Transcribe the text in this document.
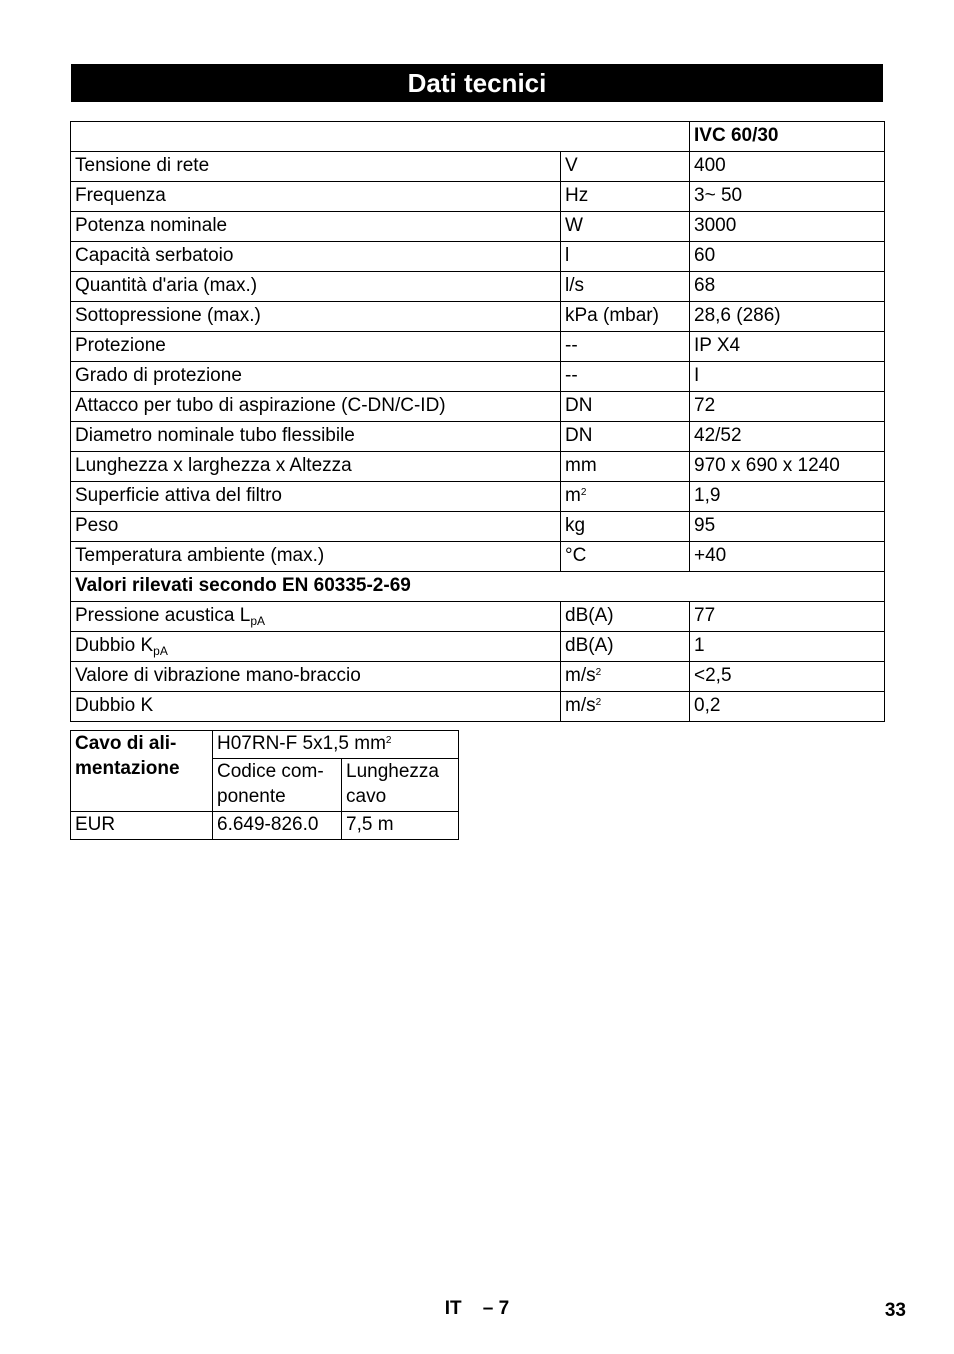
Dati tecnici
		IVC 60/30
Tensione di rete	V	400
Frequenza	Hz	3~ 50
Potenza nominale	W	3000
Capacità serbatoio	l	60
Quantità d'aria (max.)	l/s	68
Sottopressione (max.)	kPa (mbar)	28,6 (286)
Protezione	--	IP X4
Grado di protezione	--	I
Attacco per tubo di aspirazione (C-DN/C-ID)	DN	72
Diametro nominale tubo flessibile	DN	42/52
Lunghezza x larghezza x Altezza	mm	970 x 690 x 1240
Superficie attiva del filtro	$m^2$	1,9
Peso	kg	95
Temperatura ambiente (max.)	°C	+40
Valori rilevati secondo EN 60335-2-69		
Pressione acustica $L_{pA}$	dB(A)	77
Dubbio $K_{pA}$	dB(A)	1
Valore di vibrazione mano-braccio	$m/s^2$	<2,5
Dubbio K	$m/s^2$	0,2
Cavo di ali-mentazione	H07RN-F 5x1,5 $mm^2$
	Codice com-ponente	Lunghezza cavo
EUR	6.649-826.0	7,5 m
IT – 7	33
